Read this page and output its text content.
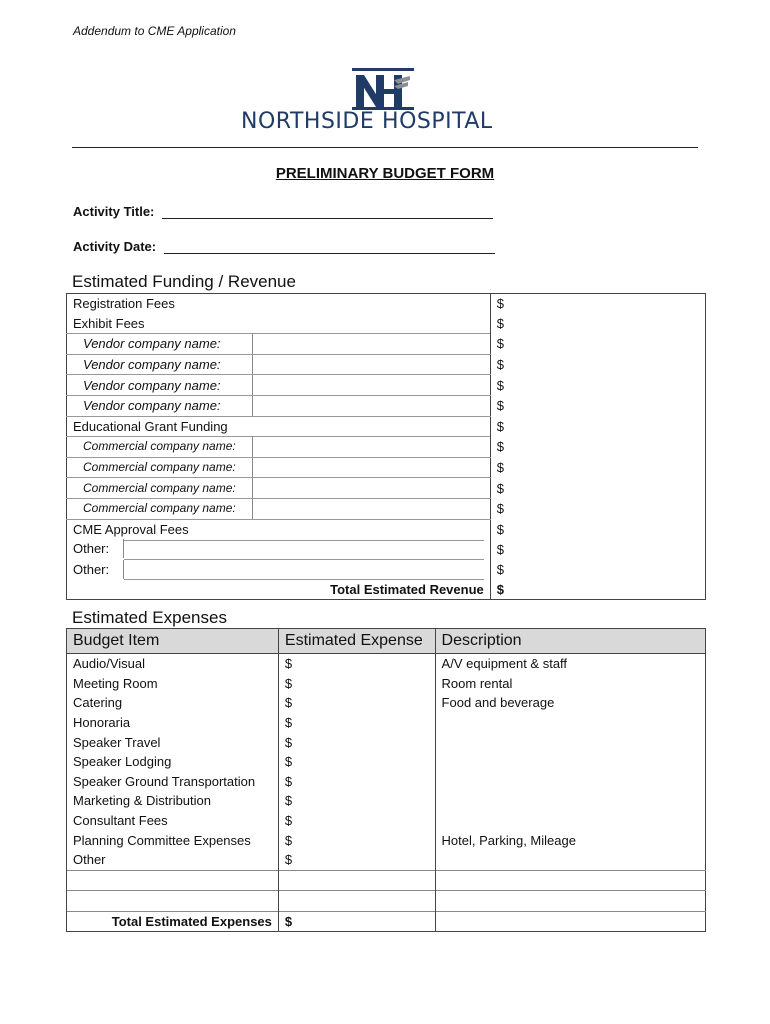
Addendum to CME Application
NORTHSIDE HOSPITAL
PRELIMINARY BUDGET FORM
Activity Title:
Activity Date:
Estimated Funding / Revenue
Registration Fees		$
Exhibit Fees		$
Vendor company name:		$
Vendor company name:		$
Vendor company name:		$
Vendor company name:		$
Educational Grant Funding		$
Commercial company name:		$
Commercial company name:		$
Commercial company name:		$
Commercial company name:		$
CME Approval Fees		$
Other:		$
Other:		$
Total Estimated Revenue		$
Estimated Expenses
Budget Item	Estimated Expense	Description
Audio/Visual	$	A/V equipment & staff
Meeting Room	$	Room rental
Catering	$	Food and beverage
Honoraria	$	
Speaker Travel	$	
Speaker Lodging	$	
Speaker Ground Transportation	$	
Marketing & Distribution	$	
Consultant Fees	$	
Planning Committee Expenses	$	Hotel, Parking, Mileage
Other	$	

Total Estimated Expenses	$	
